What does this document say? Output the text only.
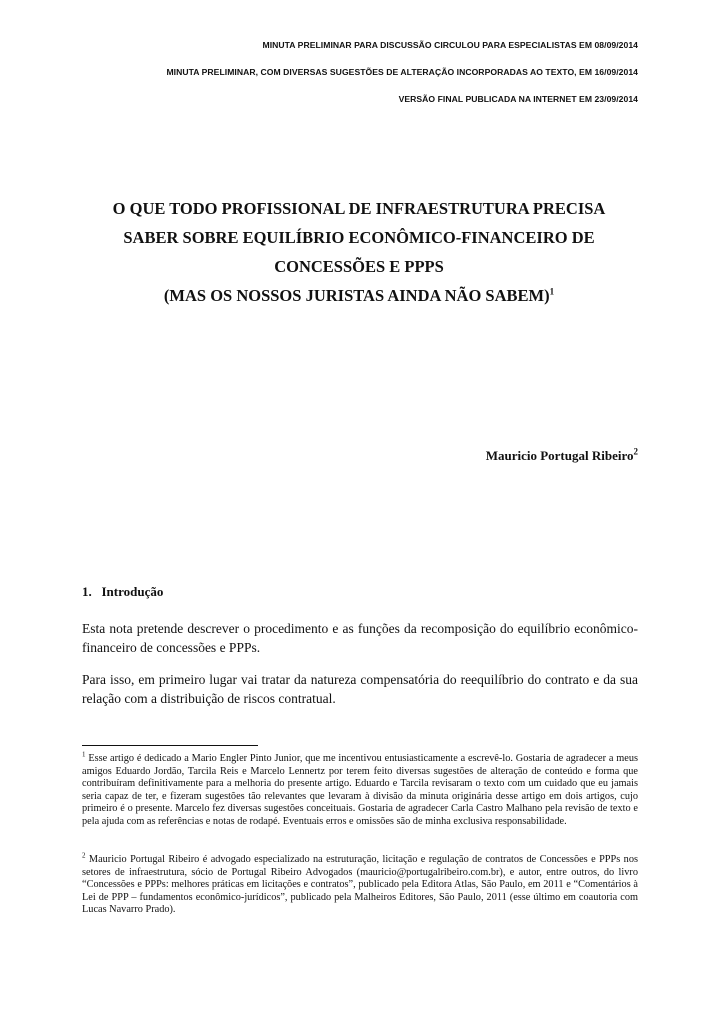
MINUTA PRELIMINAR PARA DISCUSSÃO CIRCULOU PARA ESPECIALISTAS EM 08/09/2014
MINUTA PRELIMINAR, COM DIVERSAS SUGESTÕES DE ALTERAÇÃO INCORPORADAS AO TEXTO, EM 16/09/2014
VERSÃO FINAL PUBLICADA NA INTERNET EM 23/09/2014
O QUE TODO PROFISSIONAL DE INFRAESTRUTURA PRECISA
SABER SOBRE EQUILÍBRIO ECONÔMICO-FINANCEIRO DE
CONCESSÕES E PPPS
(MAS OS NOSSOS JURISTAS AINDA NÃO SABEM)$^1$
Mauricio Portugal Ribeiro$^2$
1.   Introdução

Esta nota pretende descrever o procedimento e as funções da recomposição do equilíbrio econômico-financeiro de concessões e PPPs.

Para isso, em primeiro lugar vai tratar da natureza compensatória do reequilíbrio do contrato e da sua relação com a distribuição de riscos contratual.

$^1$ Esse artigo é dedicado a Mario Engler Pinto Junior, que me incentivou entusiasticamente a escrevê-lo. Gostaria de agradecer a meus amigos Eduardo Jordão, Tarcila Reis e Marcelo Lennertz por terem feito diversas sugestões de alteração de conteúdo e forma que contribuíram definitivamente para a melhoria do presente artigo. Eduardo e Tarcila revisaram o texto com um cuidado que eu jamais seria capaz de ter, e fizeram sugestões tão relevantes que levaram à divisão da minuta originária desse artigo em dois artigos, cujo primeiro é o presente. Marcelo fez diversas sugestões conceituais. Gostaria de agradecer Carla Castro Malhano pela revisão de texto e pela ajuda com as referências e notas de rodapé. Eventuais erros e omissões são de minha exclusiva responsabilidade.

$^2$ Mauricio Portugal Ribeiro é advogado especializado na estruturação, licitação e regulação de contratos de Concessões e PPPs nos setores de infraestrutura, sócio de Portugal Ribeiro Advogados (mauricio@portugalribeiro.com.br), e autor, entre outros, do livro “Concessões e PPPs: melhores práticas em licitações e contratos”, publicado pela Editora Atlas, São Paulo, em 2011 e “Comentários à Lei de PPP – fundamentos econômico-jurídicos”, publicado pela Malheiros Editores, São Paulo, 2011 (esse último em coautoria com Lucas Navarro Prado).
